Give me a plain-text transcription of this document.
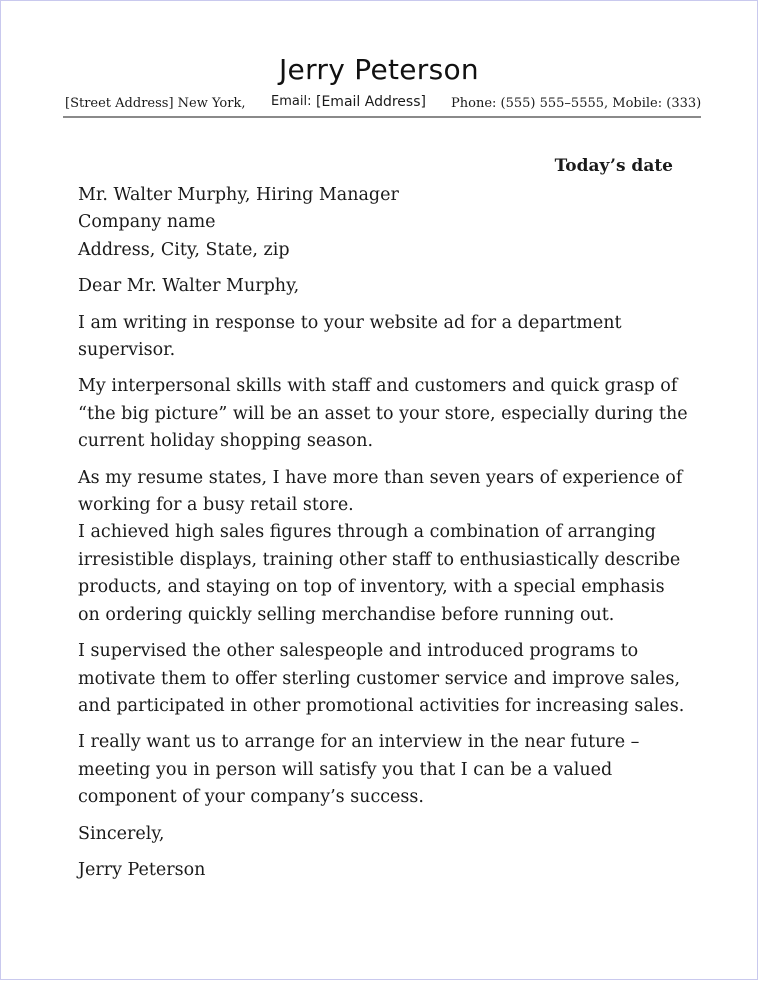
Jerry Peterson
[Street Address] New York, Email: [Email Address] Phone: (555) 555–5555, Mobile: (333)
Today’s date

Mr. Walter Murphy, Hiring Manager

Company name

Address, City, State, zip

Dear Mr. Walter Murphy,

I am writing in response to your website ad for a department supervisor.

My interpersonal skills with staff and customers and quick grasp of “the big picture” will be an asset to your store, especially during the current holiday shopping season.

As my resume states, I have more than seven years of experience of working for a busy retail store.

I achieved high sales figures through a combination of arranging irresistible displays, training other staff to enthusiastically describe products, and staying on top of inventory, with a special emphasis on ordering quickly selling merchandise before running out.

I supervised the other salespeople and introduced programs to motivate them to offer sterling customer service and improve sales, and participated in other promotional activities for increasing sales.

I really want us to arrange for an interview in the near future – meeting you in person will satisfy you that I can be a valued component of your company’s success.

Sincerely,

Jerry Peterson
